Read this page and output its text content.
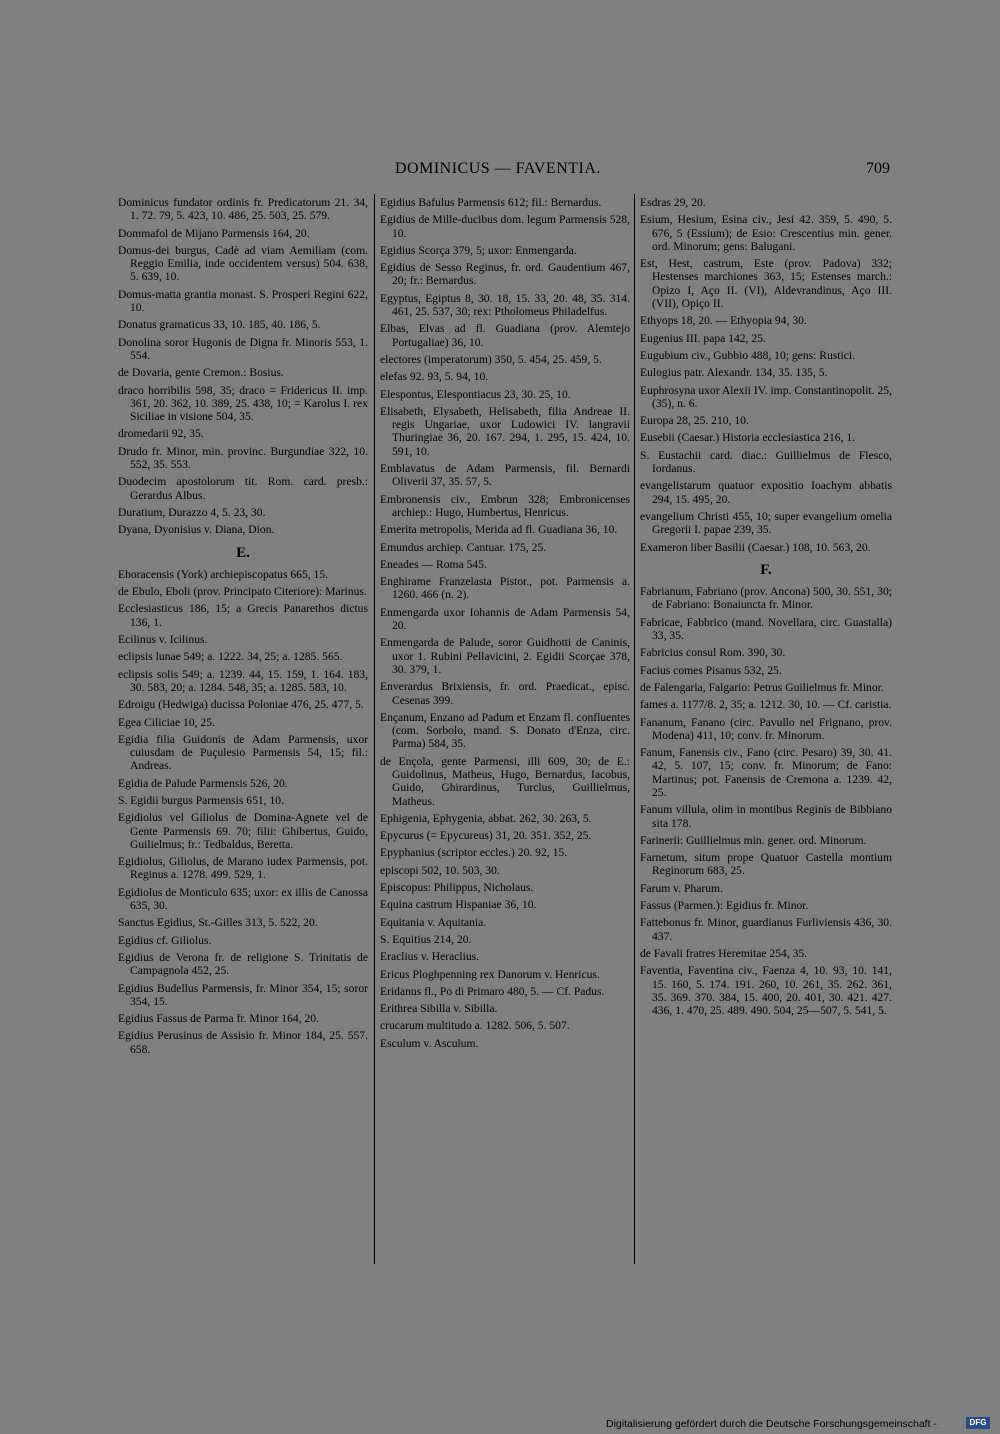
DOMINICUS — FAVENTIA.	709

Dominicus fundator ordinis fr. Predicatorum 21. 34, 1. 72. 79, 5. 423, 10. 486, 25. 503, 25. 579.

Dommafol de Mijano Parmensis 164, 20.

Domus-dei burgus, Cadè ad viam Aemiliam (com. Reggio Emilia, inde occidentem versus) 504. 638, 5. 639, 10.

Domus-matta grantia monast. S. Prosperi Regini 622, 10.

Donatus gramaticus 33, 10. 185, 40. 186, 5.

Donolina soror Hugonis de Digna fr. Minoris 553, 1. 554.

de Dovaria, gente Cremon.: Bosius.

draco horribilis 598, 35; draco = Fridericus II. imp. 361, 20. 362, 10. 389, 25. 438, 10; = Karolus I. rex Siciliae in visione 504, 35.

dromedarii 92, 35.

Drudo fr. Minor, min. provinc. Burgundiae 322, 10. 552, 35. 553.

Duodecim apostolorum tit. Rom. card. presb.: Gerardus Albus.

Duratium, Durazzo 4, 5. 23, 30.

Dyana, Dyonisius v. Diana, Dion.

E.

Eboracensis (York) archiepiscopatus 665, 15.

de Ebulo, Eboli (prov. Principato Citeriore): Marinus.

Ecclesiasticus 186, 15; a Grecis Panarethos dictus 136, 1.

Ecilinus v. Icilinus.

eclipsis lunae 549; a. 1222. 34, 25; a. 1285. 565.

eclipsis solis 549; a. 1239. 44, 15. 159, 1. 164. 183, 30. 583, 20; a. 1284. 548, 35; a. 1285. 583, 10.

Edroigu (Hedwiga) ducissa Poloniae 476, 25. 477, 5.

Egea Ciliciae 10, 25.

Egidia filia Guidonis de Adam Parmensis, uxor cuiusdam de Puçulesio Parmensis 54, 15; fil.: Andreas.

Egidia de Palude Parmensis 526, 20.

S. Egidii burgus Parmensis 651, 10.

Egidiolus vel Giliolus de Domina-Agnete vel de Gente Parmensis 69. 70; filii: Ghibertus, Guido, Guilielmus; fr.: Tedbaldus, Beretta.

Egidiolus, Giliolus, de Marano iudex Parmensis, pot. Reginus a. 1278. 499. 529, 1.

Egidiolus de Monticulo 635; uxor: ex illis de Canossa 635, 30.

Sanctus Egidius, St.-Gilles 313, 5. 522, 20.

Egidius cf. Giliolus.

Egidius de Verona fr. de religione S. Trinitatis de Campagnola 452, 25.

Egidius Budellus Parmensis, fr. Minor 354, 15; soror 354, 15.

Egidius Fassus de Parma fr. Minor 164, 20.

Egidius Perusinus de Assisio fr. Minor 184, 25. 557. 658.

Egidius Bafulus Parmensis 612; fil.: Bernardus.

Egidius de Mille-ducibus dom. legum Parmensis 528, 10.

Egidius Scorça 379, 5; uxor: Enmengarda.

Egidius de Sesso Reginus, fr. ord. Gaudentium 467, 20; fr.: Bernardus.

Egyptus, Egiptus 8, 30. 18, 15. 33, 20. 48, 35. 314. 461, 25. 537, 30; rex: Ptholomeus Philadelfus.

Elbas, Elvas ad fl. Guadiana (prov. Alemtejo Portugaliae) 36, 10.

electores (imperatorum) 350, 5. 454, 25. 459, 5.

elefas 92. 93, 5. 94, 10.

Elespontus, Elespontiacus 23, 30. 25, 10.

Elisabeth, Elysabeth, Helisabeth, filia Andreae II. regis Ungariae, uxor Ludowici IV. langravii Thuringiae 36, 20. 167. 294, 1. 295, 15. 424, 10. 591, 10.

Emblavatus de Adam Parmensis, fil. Bernardi Oliverii 37, 35. 57, 5.

Embronensis civ., Embrun 328; Embronicenses archiep.: Hugo, Humbertus, Henricus.

Emerita metropolis, Merida ad fl. Guadiana 36, 10.

Emundus archiep. Cantuar. 175, 25.

Eneades — Roma 545.

Enghirame Franzelasta Pistor., pot. Parmensis a. 1260. 466 (n. 2).

Enmengarda uxor Iohannis de Adam Parmensis 54, 20.

Enmengarda de Palude, soror Guidhotti de Caninis, uxor 1. Rubini Pellavicini, 2. Egidii Scorçae 378, 30. 379, 1.

Enverardus Brixiensis, fr. ord. Praedicat., episc. Cesenas 399.

Ençanum, Enzano ad Padum et Enzam fl. confluentes (com. Sorbolo, mand. S. Donato d'Enza, circ. Parma) 584, 35.

de Ençola, gente Parmensi, illi 609, 30; de E.: Guidolinus, Matheus, Hugo, Bernardus, Iacobus, Guido, Ghirardinus, Turclus, Guillielmus, Matheus.

Ephigenia, Ephygenia, abbat. 262, 30. 263, 5.

Epycurus (= Epycureus) 31, 20. 351. 352, 25.

Epyphanius (scriptor eccles.) 20. 92, 15.

episcopi 502, 10. 503, 30.

Episcopus: Philippus, Nicholaus.

Equina castrum Hispaniae 36, 10.

Equitania v. Aquitania.

S. Equitius 214, 20.

Eraclius v. Heraclius.

Ericus Ploghpenning rex Danorum v. Henricus.

Eridanus fl., Po di Primaro 480, 5. — Cf. Padus.

Erithrea Sibilla v. Sibilla.

crucarum multitudo a. 1282. 506, 5. 507.

Esculum v. Asculum.

Esdras 29, 20.

Esium, Hesium, Esina civ., Jesi 42. 359, 5. 490, 5. 676, 5 (Essium); de Esio: Crescentius min. gener. ord. Minorum; gens: Balugani.

Est, Hest, castrum, Este (prov. Padova) 332; Hestenses marchiones 363, 15; Estenses march.: Opizo I, Aço II. (VI), Aldevrandinus, Aço III. (VII), Opiço II.

Ethyops 18, 20. — Ethyopia 94, 30.

Eugenius III. papa 142, 25.

Eugubium civ., Gubbio 488, 10; gens: Rustici.

Eulogius patr. Alexandr. 134, 35. 135, 5.

Euphrosyna uxor Alexii IV. imp. Constantinopolit. 25, (35), n. 6.

Europa 28, 25. 210, 10.

Eusebii (Caesar.) Historia ecclesiastica 216, 1.

S. Eustachii card. diac.: Guillielmus de Flesco, Iordanus.

evangelistarum quatuor expositio Ioachym abbatis 294, 15. 495, 20.

evangelium Christi 455, 10; super evangelium omelia Gregorii I. papae 239, 35.

Exameron liber Basilii (Caesar.) 108, 10. 563, 20.

F.

Fabrianum, Fabriano (prov. Ancona) 500, 30. 551, 30; de Fabriano: Bonaiuncta fr. Minor.

Fabricae, Fabbrico (mand. Novellara, circ. Guastalla) 33, 35.

Fabricius consul Rom. 390, 30.

Facius comes Pisanus 532, 25.

de Falengaria, Falgario: Petrus Guilielmus fr. Minor.

fames a. 1177/8. 2, 35; a. 1212. 30, 10. — Cf. caristia.

Fananum, Fanano (circ. Pavullo nel Frignano, prov. Modena) 411, 10; conv. fr. Minorum.

Fanum, Fanensis civ., Fano (circ. Pesaro) 39, 30. 41. 42, 5. 107, 15; conv. fr. Minorum; de Fano: Martinus; pot. Fanensis de Cremona a. 1239. 42, 25.

Fanum villula, olim in montibus Reginis de Bibbiano sita 178.

Farinerii: Guillielmus min. gener. ord. Minorum.

Farnetum, situm prope Quatuor Castella montium Reginorum 683, 25.

Farum v. Pharum.

Fassus (Parmen.): Egidius fr. Minor.

Fattebonus fr. Minor, guardianus Furliviensis 436, 30. 437.

de Favali fratres Heremitae 254, 35.

Faventia, Faventina civ., Faenza 4, 10. 93, 10. 141, 15. 160, 5. 174. 191. 260, 10. 261, 35. 262. 361, 35. 369. 370. 384, 15. 400, 20. 401, 30. 421. 427. 436, 1. 470, 25. 489. 490. 504, 25—507, 5. 541, 5.

Digitalisierung gefördert durch die Deutsche Forschungsgemeinschaft -	DFG
